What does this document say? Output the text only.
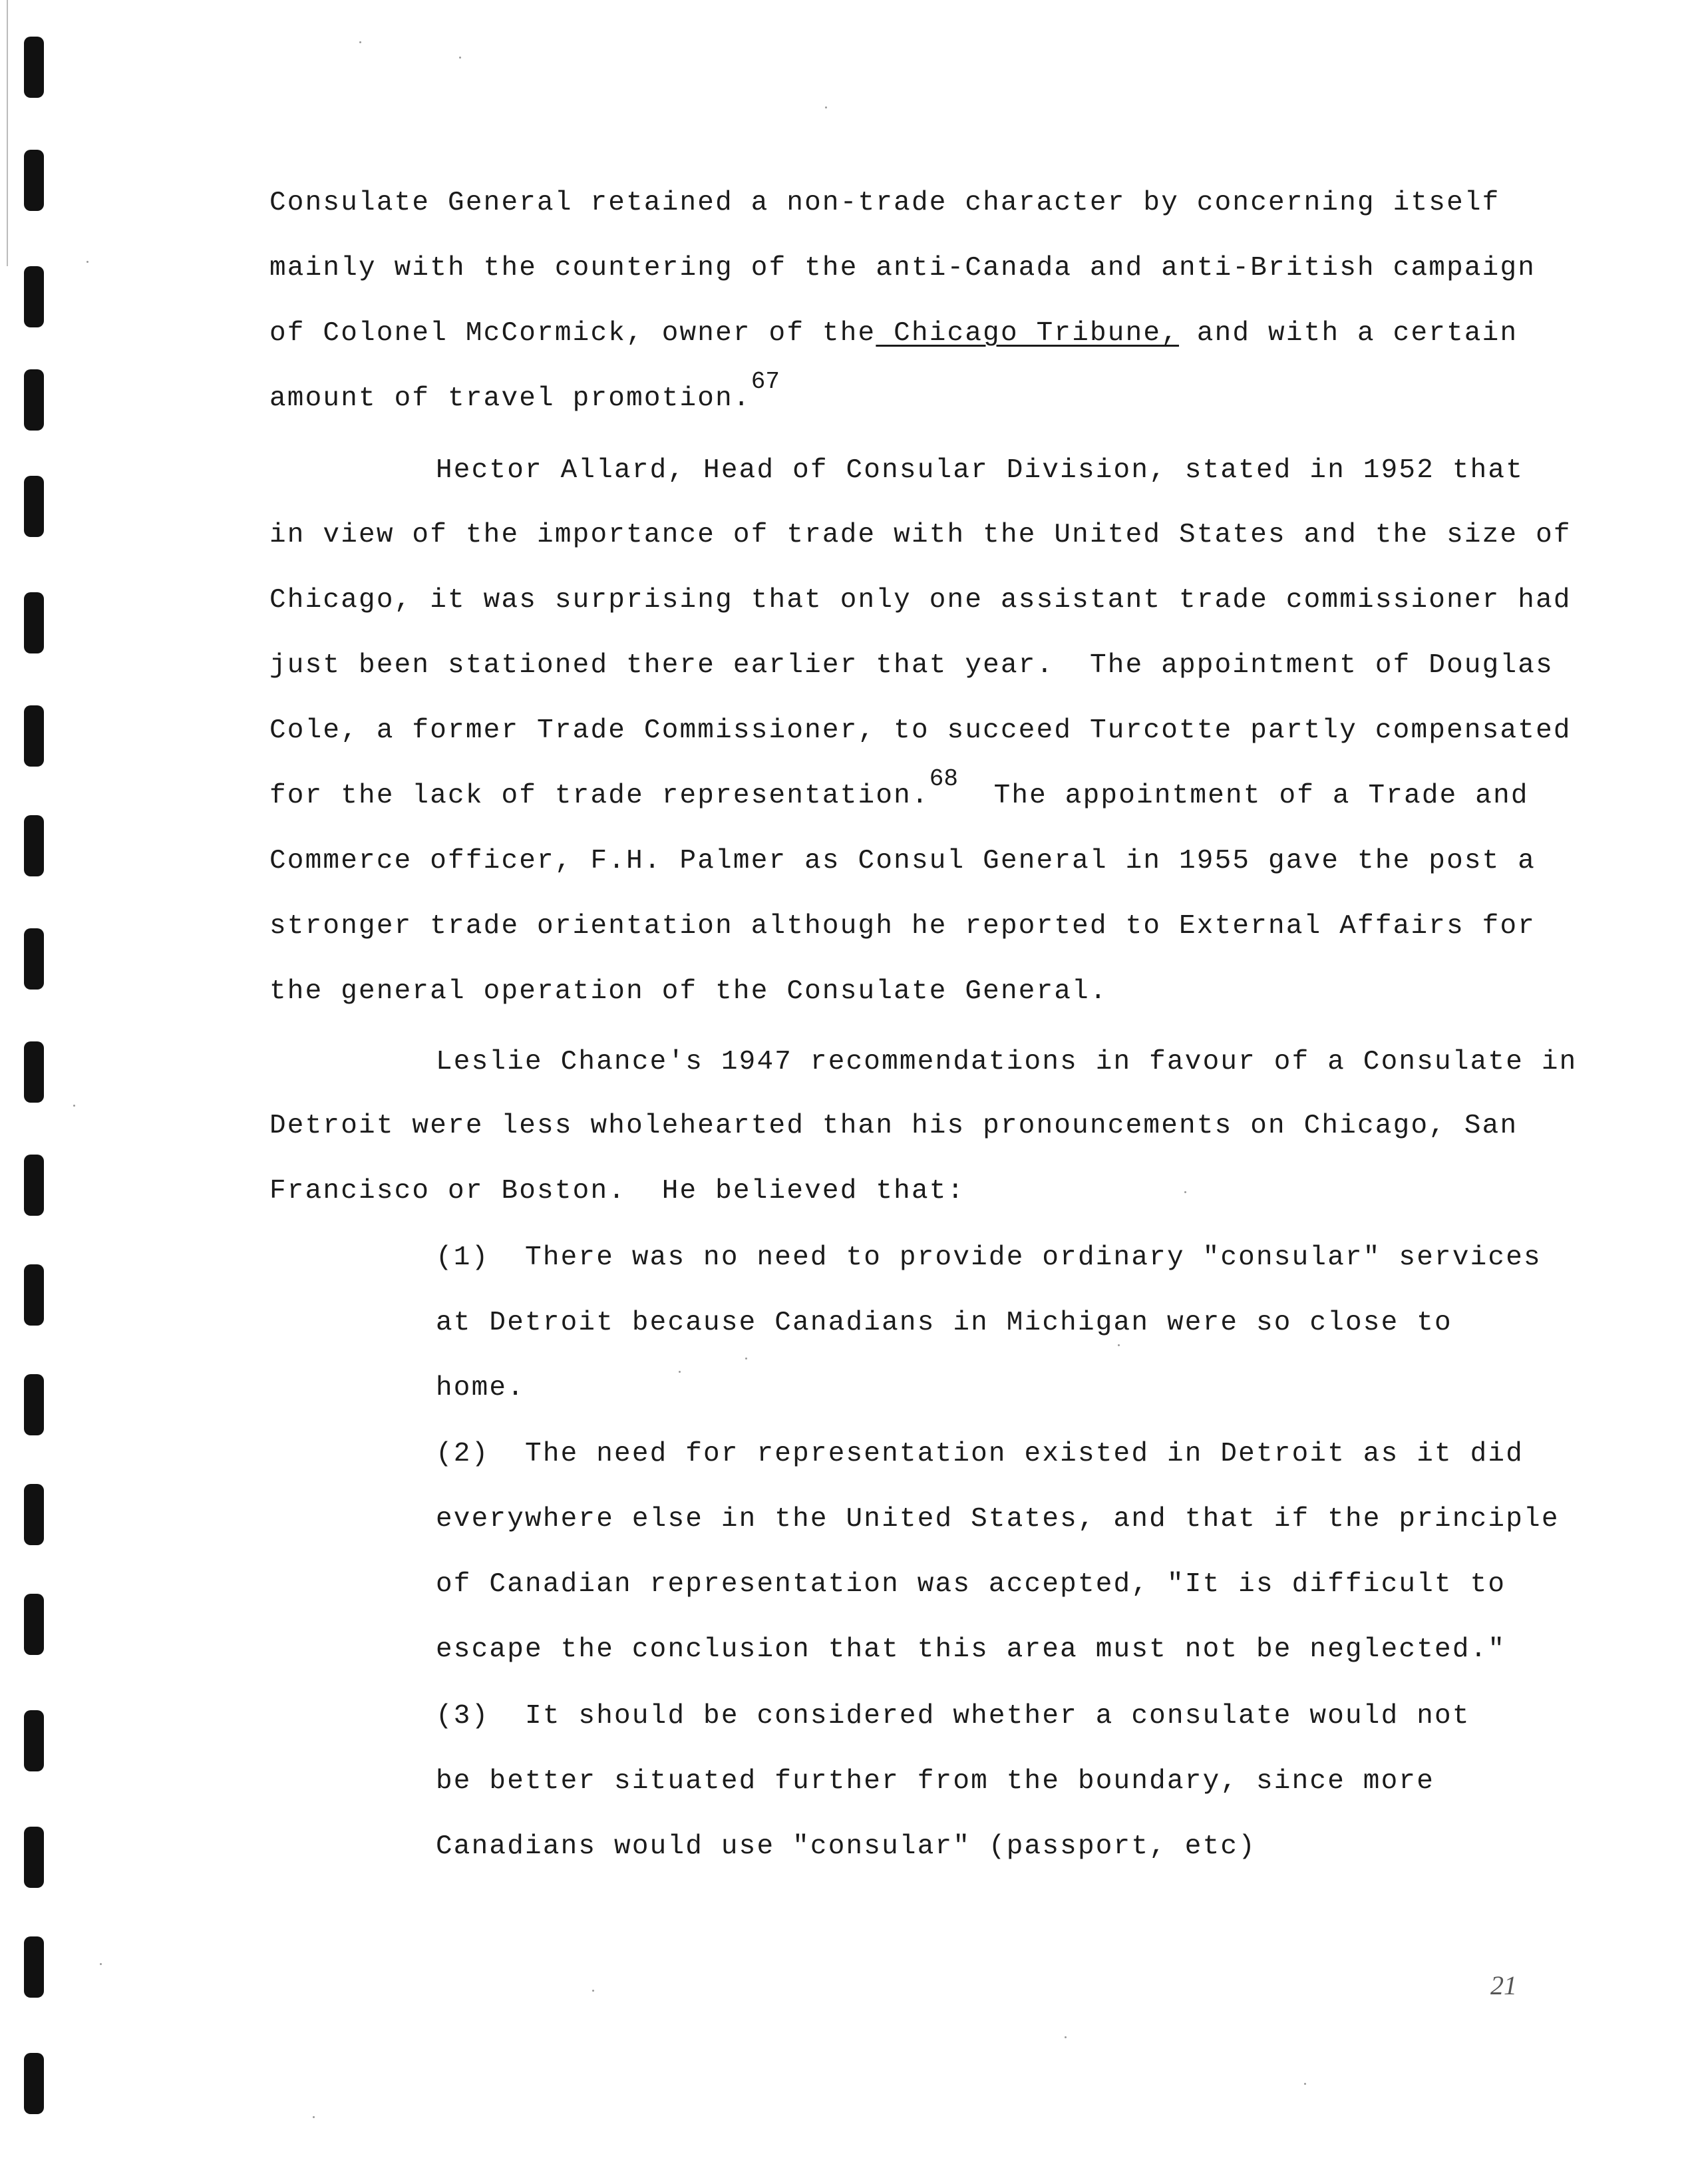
Consulate General retained a non-trade character by concerning itself
mainly with the countering of the anti-Canada and anti-British campaign
of Colonel McCormick, owner of the Chicago Tribune, and with a certain
amount of travel promotion.67
Hector Allard, Head of Consular Division, stated in 1952 that
in view of the importance of trade with the United States and the size of
Chicago, it was surprising that only one assistant trade commissioner had
just been stationed there earlier that year.  The appointment of Douglas
Cole, a former Trade Commissioner, to succeed Turcotte partly compensated
for the lack of trade representation.68  The appointment of a Trade and
Commerce officer, F.H. Palmer as Consul General in 1955 gave the post a
stronger trade orientation although he reported to External Affairs for
the general operation of the Consulate General.
Leslie Chance's 1947 recommendations in favour of a Consulate in
Detroit were less wholehearted than his pronouncements on Chicago, San
Francisco or Boston.  He believed that:
(1)  There was no need to provide ordinary "consular" services
at Detroit because Canadians in Michigan were so close to
home.
(2)  The need for representation existed in Detroit as it did
everywhere else in the United States, and that if the principle
of Canadian representation was accepted, "It is difficult to
escape the conclusion that this area must not be neglected."
(3)  It should be considered whether a consulate would not
be better situated further from the boundary, since more
Canadians would use "consular" (passport, etc)
21
